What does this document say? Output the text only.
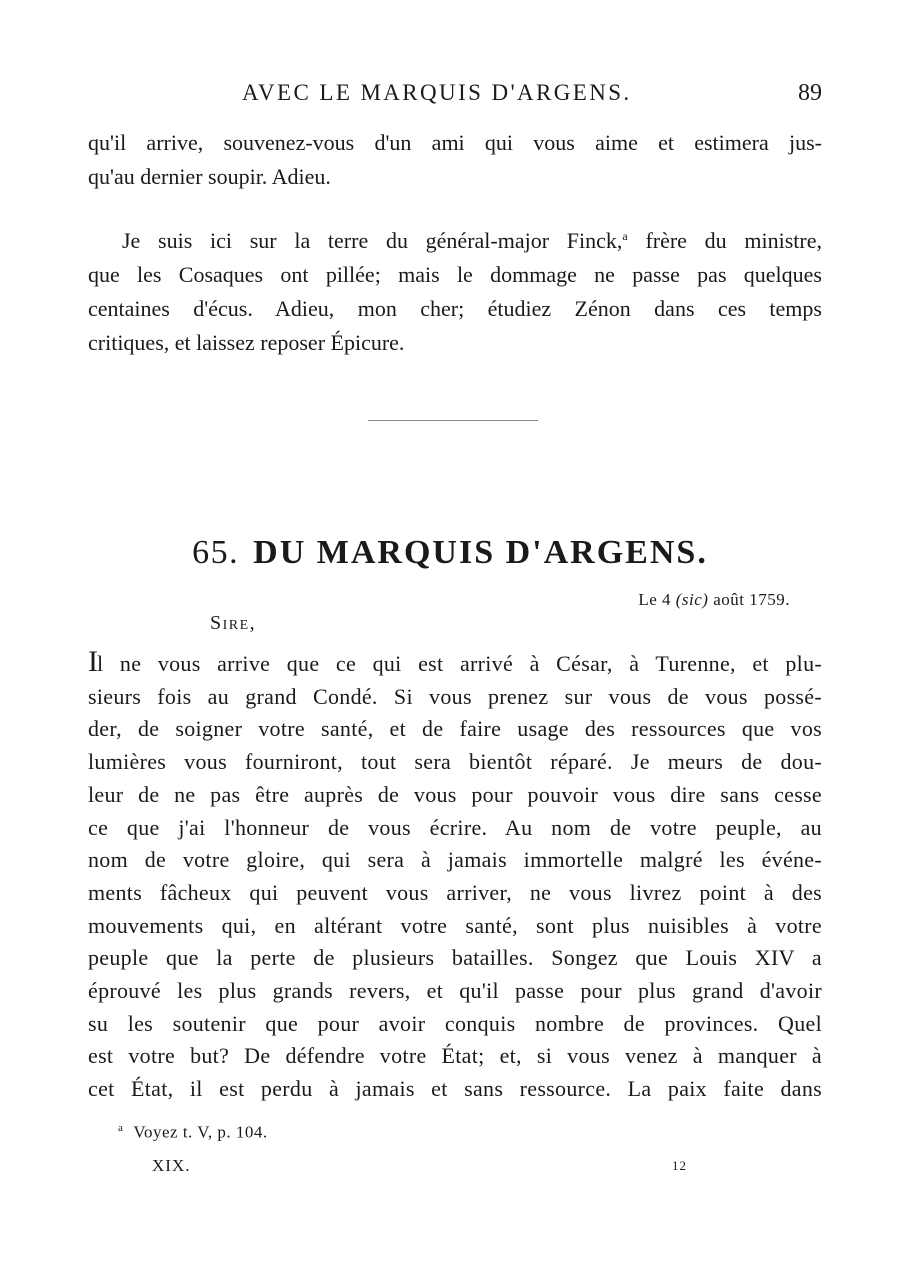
AVEC LE MARQUIS D'ARGENS.	89
qu'il arrive, souvenez-vous d'un ami qui vous aime et estimera jus-
qu'au dernier soupir. Adieu.
Je suis ici sur la terre du général-major Finck,$^a$ frère du ministre,
que les Cosaques ont pillée; mais le dommage ne passe pas quelques
centaines d'écus. Adieu, mon cher; étudiez Zénon dans ces temps
critiques, et laissez reposer Épicure.
65. DU MARQUIS D'ARGENS.
Le 4 (sic) août 1759.
Sire,
Il ne vous arrive que ce qui est arrivé à César, à Turenne, et plu-
sieurs fois au grand Condé. Si vous prenez sur vous de vous possé-
der, de soigner votre santé, et de faire usage des ressources que vos
lumières vous fourniront, tout sera bientôt réparé. Je meurs de dou-
leur de ne pas être auprès de vous pour pouvoir vous dire sans cesse
ce que j'ai l'honneur de vous écrire. Au nom de votre peuple, au
nom de votre gloire, qui sera à jamais immortelle malgré les événe-
ments fâcheux qui peuvent vous arriver, ne vous livrez point à des
mouvements qui, en altérant votre santé, sont plus nuisibles à votre
peuple que la perte de plusieurs batailles. Songez que Louis XIV a
éprouvé les plus grands revers, et qu'il passe pour plus grand d'avoir
su les soutenir que pour avoir conquis nombre de provinces. Quel
est votre but? De défendre votre État; et, si vous venez à manquer à
cet État, il est perdu à jamais et sans ressource. La paix faite dans
$^a$ Voyez t. V, p. 104.
XIX.	12
